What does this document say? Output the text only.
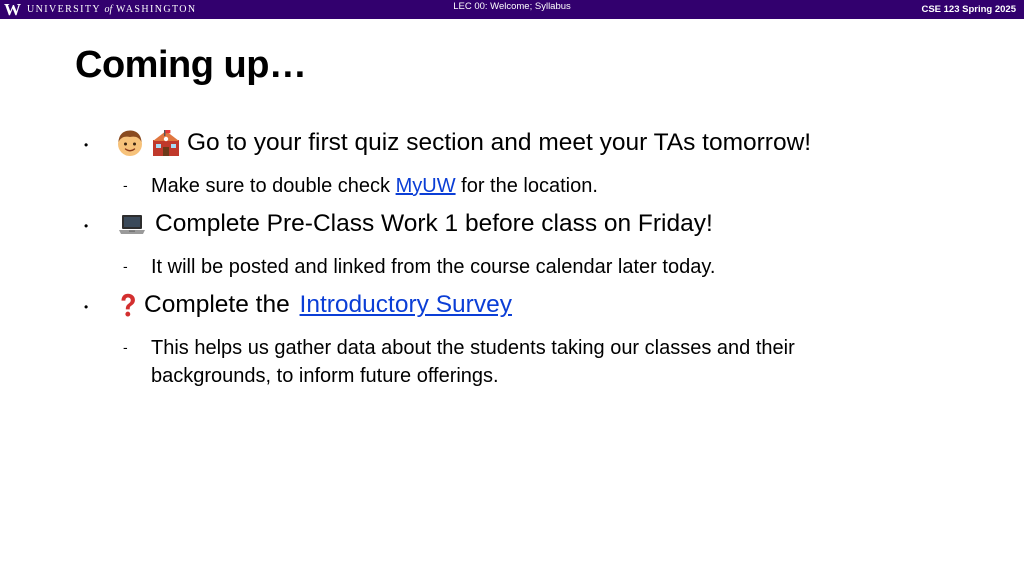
W UNIVERSITY of WASHINGTON	LEC 00: Welcome; Syllabus	CSE 123 Spring 2025
Coming up…
•	Go to your first quiz section and meet your TAs tomorrow!
- Make sure to double check MyUW for the location.
•	Complete Pre-Class Work 1 before class on Friday!
- It will be posted and linked from the course calendar later today.
• Complete the Introductory Survey
- This helps us gather data about the students taking our classes and their
backgrounds, to inform future offerings.
